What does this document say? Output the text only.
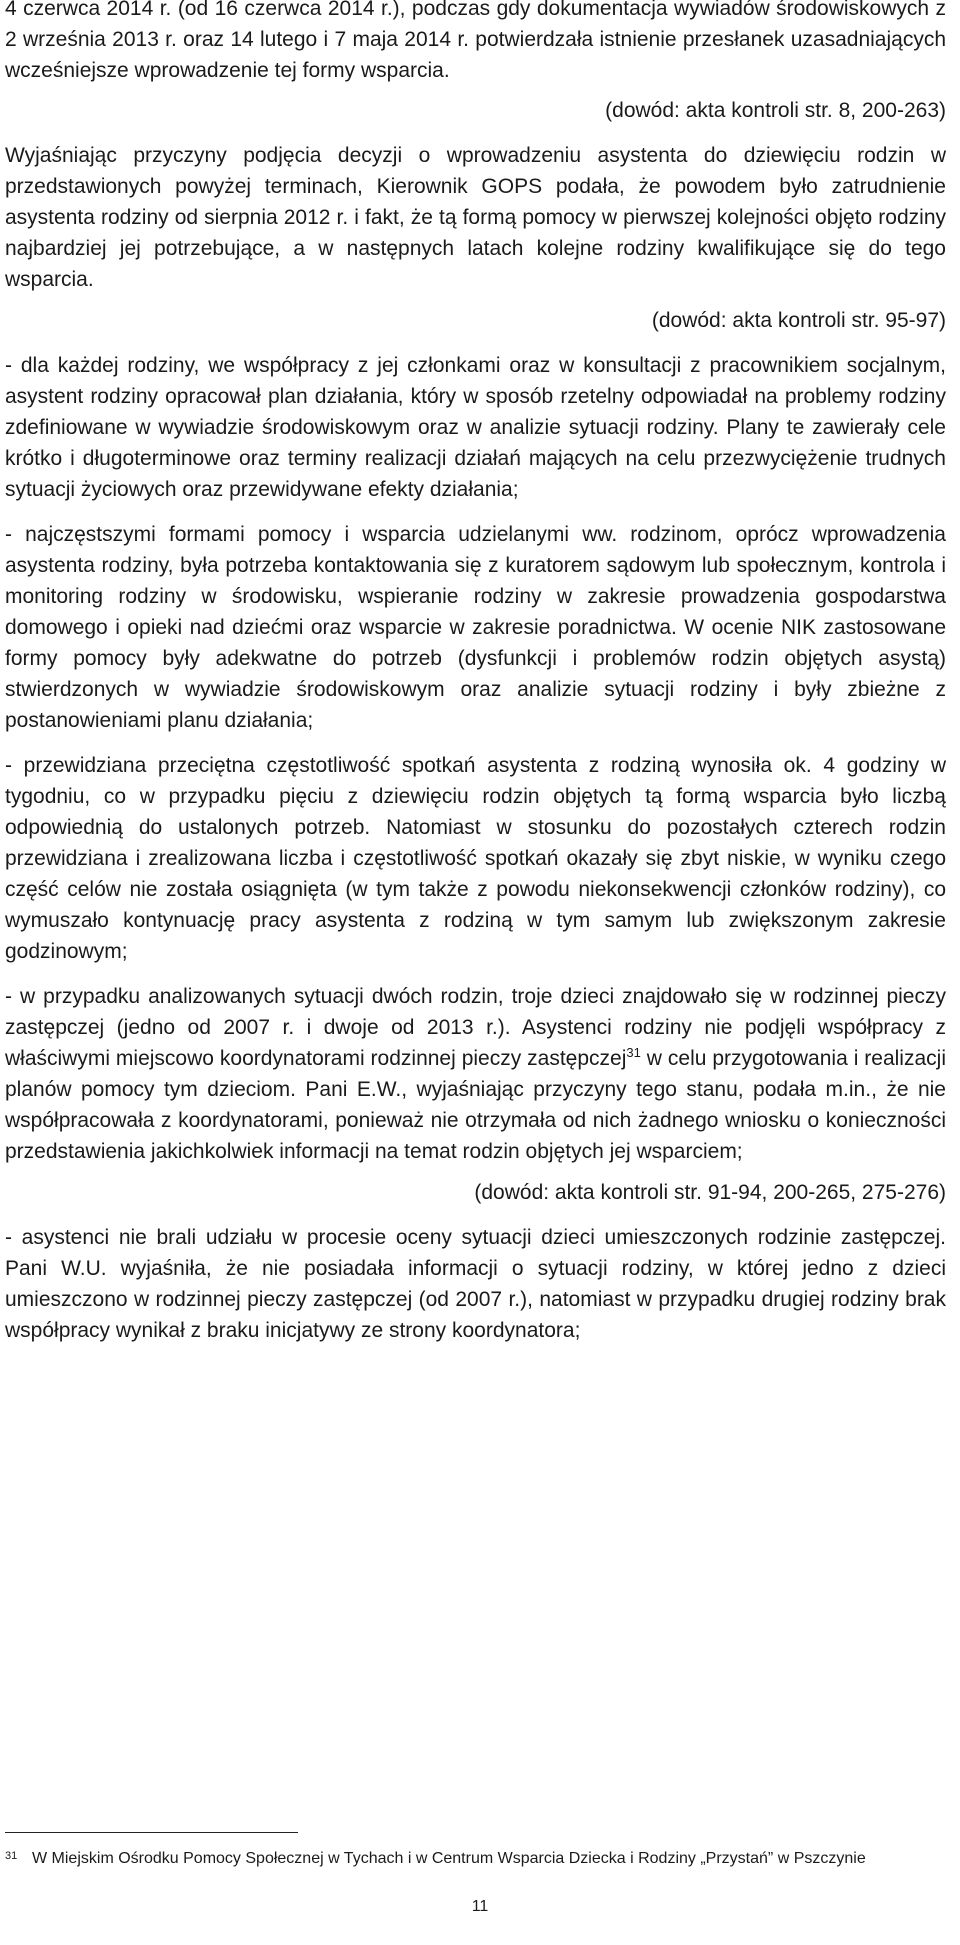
4 czerwca 2014 r. (od 16 czerwca 2014 r.), podczas gdy dokumentacja wywiadów środowiskowych z 2 września 2013 r. oraz 14 lutego i 7 maja 2014 r. potwierdzała istnienie przesłanek uzasadniających wcześniejsze wprowadzenie tej formy wsparcia.

(dowód: akta kontroli str. 8, 200-263)

Wyjaśniając przyczyny podjęcia decyzji o wprowadzeniu asystenta do dziewięciu rodzin w przedstawionych powyżej terminach, Kierownik GOPS podała, że powodem było zatrudnienie asystenta rodziny od sierpnia 2012 r. i fakt, że tą formą pomocy w pierwszej kolejności objęto rodziny najbardziej jej potrzebujące, a w następnych latach kolejne rodziny kwalifikujące się do tego wsparcia.

(dowód: akta kontroli str. 95-97)

- dla każdej rodziny, we współpracy z jej członkami oraz w konsultacji z pracownikiem socjalnym, asystent rodziny opracował plan działania, który w sposób rzetelny odpowiadał na problemy rodziny zdefiniowane w wywiadzie środowiskowym oraz w analizie sytuacji rodziny. Plany te zawierały cele krótko i długoterminowe oraz terminy realizacji działań mających na celu przezwyciężenie trudnych sytuacji życiowych oraz przewidywane efekty działania;

- najczęstszymi formami pomocy i wsparcia udzielanymi ww. rodzinom, oprócz wprowadzenia asystenta rodziny, była potrzeba kontaktowania się z kuratorem sądowym lub społecznym, kontrola i monitoring rodziny w środowisku, wspieranie rodziny w zakresie prowadzenia gospodarstwa domowego i opieki nad dziećmi oraz wsparcie w zakresie poradnictwa. W ocenie NIK zastosowane formy pomocy były adekwatne do potrzeb (dysfunkcji i problemów rodzin objętych asystą) stwierdzonych w wywiadzie środowiskowym oraz analizie sytuacji rodziny i były zbieżne z postanowieniami planu działania;

- przewidziana przeciętna częstotliwość spotkań asystenta z rodziną wynosiła ok. 4 godziny w tygodniu, co w przypadku pięciu z dziewięciu rodzin objętych tą formą wsparcia było liczbą odpowiednią do ustalonych potrzeb. Natomiast w stosunku do pozostałych czterech rodzin przewidziana i zrealizowana liczba i częstotliwość spotkań okazały się zbyt niskie, w wyniku czego część celów nie została osiągnięta (w tym także z powodu niekonsekwencji członków rodziny), co wymuszało kontynuację pracy asystenta z rodziną w tym samym lub zwiększonym zakresie godzinowym;

- w przypadku analizowanych sytuacji dwóch rodzin, troje dzieci znajdowało się w rodzinnej pieczy zastępczej (jedno od 2007 r. i dwoje od 2013 r.). Asystenci rodziny nie podjęli współpracy z właściwymi miejscowo koordynatorami rodzinnej pieczy zastępczej$^{31}$ w celu przygotowania i realizacji planów pomocy tym dzieciom. Pani E.W., wyjaśniając przyczyny tego stanu, podała m.in., że nie współpracowała z koordynatorami, ponieważ nie otrzymała od nich żadnego wniosku o konieczności przedstawienia jakichkolwiek informacji na temat rodzin objętych jej wsparciem;

(dowód: akta kontroli str. 91-94, 200-265, 275-276)

- asystenci nie brali udziału w procesie oceny sytuacji dzieci umieszczonych rodzinie zastępczej. Pani W.U. wyjaśniła, że nie posiadała informacji o sytuacji rodziny, w której jedno z dzieci umieszczono w rodzinnej pieczy zastępczej (od 2007 r.), natomiast w przypadku drugiej rodziny brak współpracy wynikał z braku inicjatywy ze strony koordynatora;

31 W Miejskim Ośrodku Pomocy Społecznej w Tychach i w Centrum Wsparcia Dziecka i Rodziny „Przystań” w Pszczynie
11
